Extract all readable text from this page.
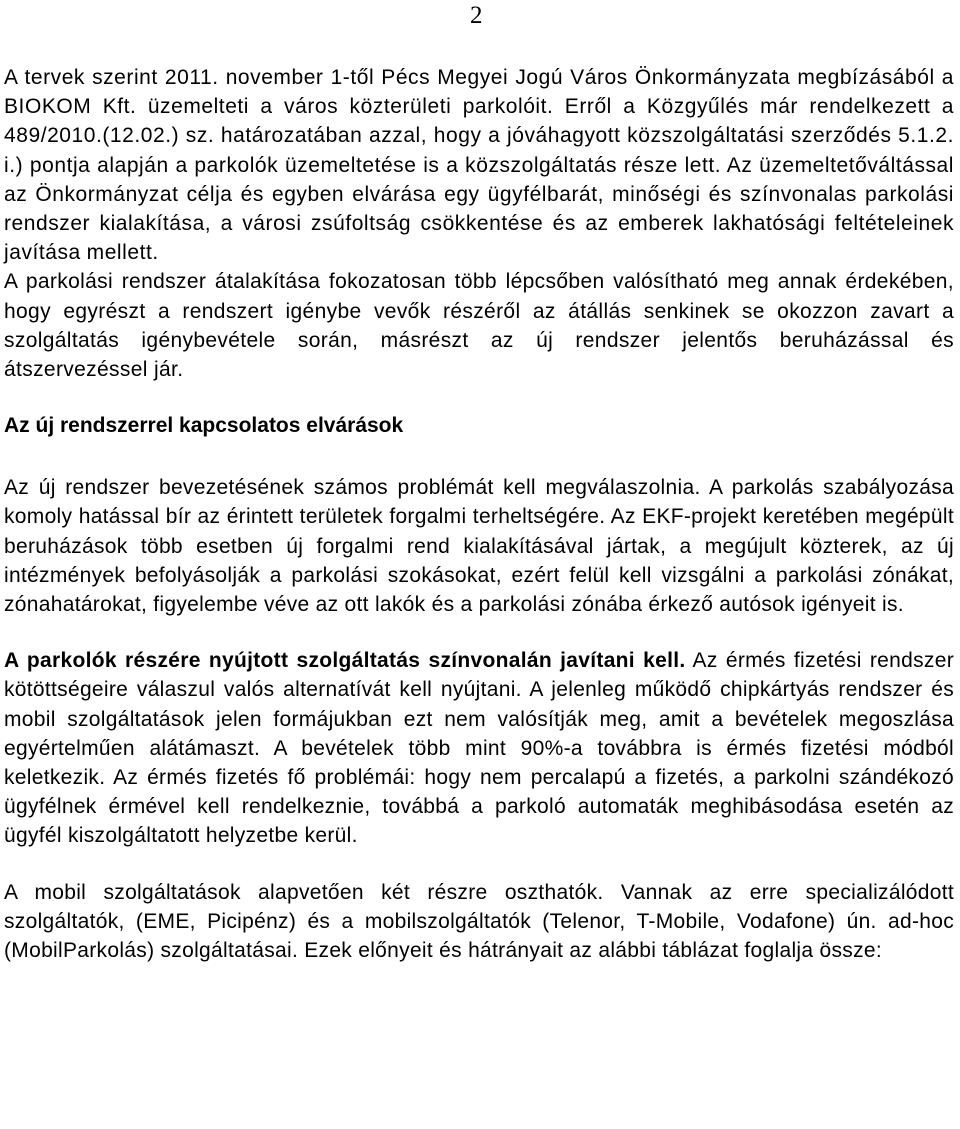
2

A tervek szerint 2011. november 1-től Pécs Megyei Jogú Város Önkormányzata megbízásából a BIOKOM Kft. üzemelteti a város közterületi parkolóit. Erről a Közgyűlés már rendelkezett a 489/2010.(12.02.) sz. határozatában azzal, hogy a jóváhagyott közszolgáltatási szerződés 5.1.2. i.) pontja alapján a parkolók üzemeltetése is a közszolgáltatás része lett. Az üzemeltetőváltással az Önkormányzat célja és egyben elvárása egy ügyfélbarát, minőségi és színvonalas parkolási rendszer kialakítása, a városi zsúfoltság csökkentése és az emberek lakhatósági feltételeinek javítása mellett.

A parkolási rendszer átalakítása fokozatosan több lépcsőben valósítható meg annak érdekében, hogy egyrészt a rendszert igénybe vevők részéről az átállás senkinek se okozzon zavart a szolgáltatás igénybevétele során, másrészt az új rendszer jelentős beruházással és átszervezéssel jár.

Az új rendszerrel kapcsolatos elvárások

Az új rendszer bevezetésének számos problémát kell megválaszolnia. A parkolás szabályozása komoly hatással bír az érintett területek forgalmi terheltségére. Az EKF-projekt keretében megépült beruházások több esetben új forgalmi rend kialakításával jártak, a megújult közterek, az új intézmények befolyásolják a parkolási szokásokat, ezért felül kell vizsgálni a parkolási zónákat, zónahatárokat, figyelembe véve az ott lakók és a parkolási zónába érkező autósok igényeit is.

A parkolók részére nyújtott szolgáltatás színvonalán javítani kell. Az érmés fizetési rendszer kötöttségeire válaszul valós alternatívát kell nyújtani. A jelenleg működő chipkártyás rendszer és mobil szolgáltatások jelen formájukban ezt nem valósítják meg, amit a bevételek megoszlása egyértelműen alátámaszt. A bevételek több mint 90%-a továbbra is érmés fizetési módból keletkezik. Az érmés fizetés fő problémái: hogy nem percalapú a fizetés, a parkolni szándékozó ügyfélnek érmével kell rendelkeznie, továbbá a parkoló automaták meghibásodása esetén az ügyfél kiszolgáltatott helyzetbe kerül.

A mobil szolgáltatások alapvetően két részre oszthatók. Vannak az erre specializálódott szolgáltatók, (EME, Picipénz) és a mobilszolgáltatók (Telenor, T-Mobile, Vodafone) ún. ad-hoc (MobilParkolás) szolgáltatásai. Ezek előnyeit és hátrányait az alábbi táblázat foglalja össze:
